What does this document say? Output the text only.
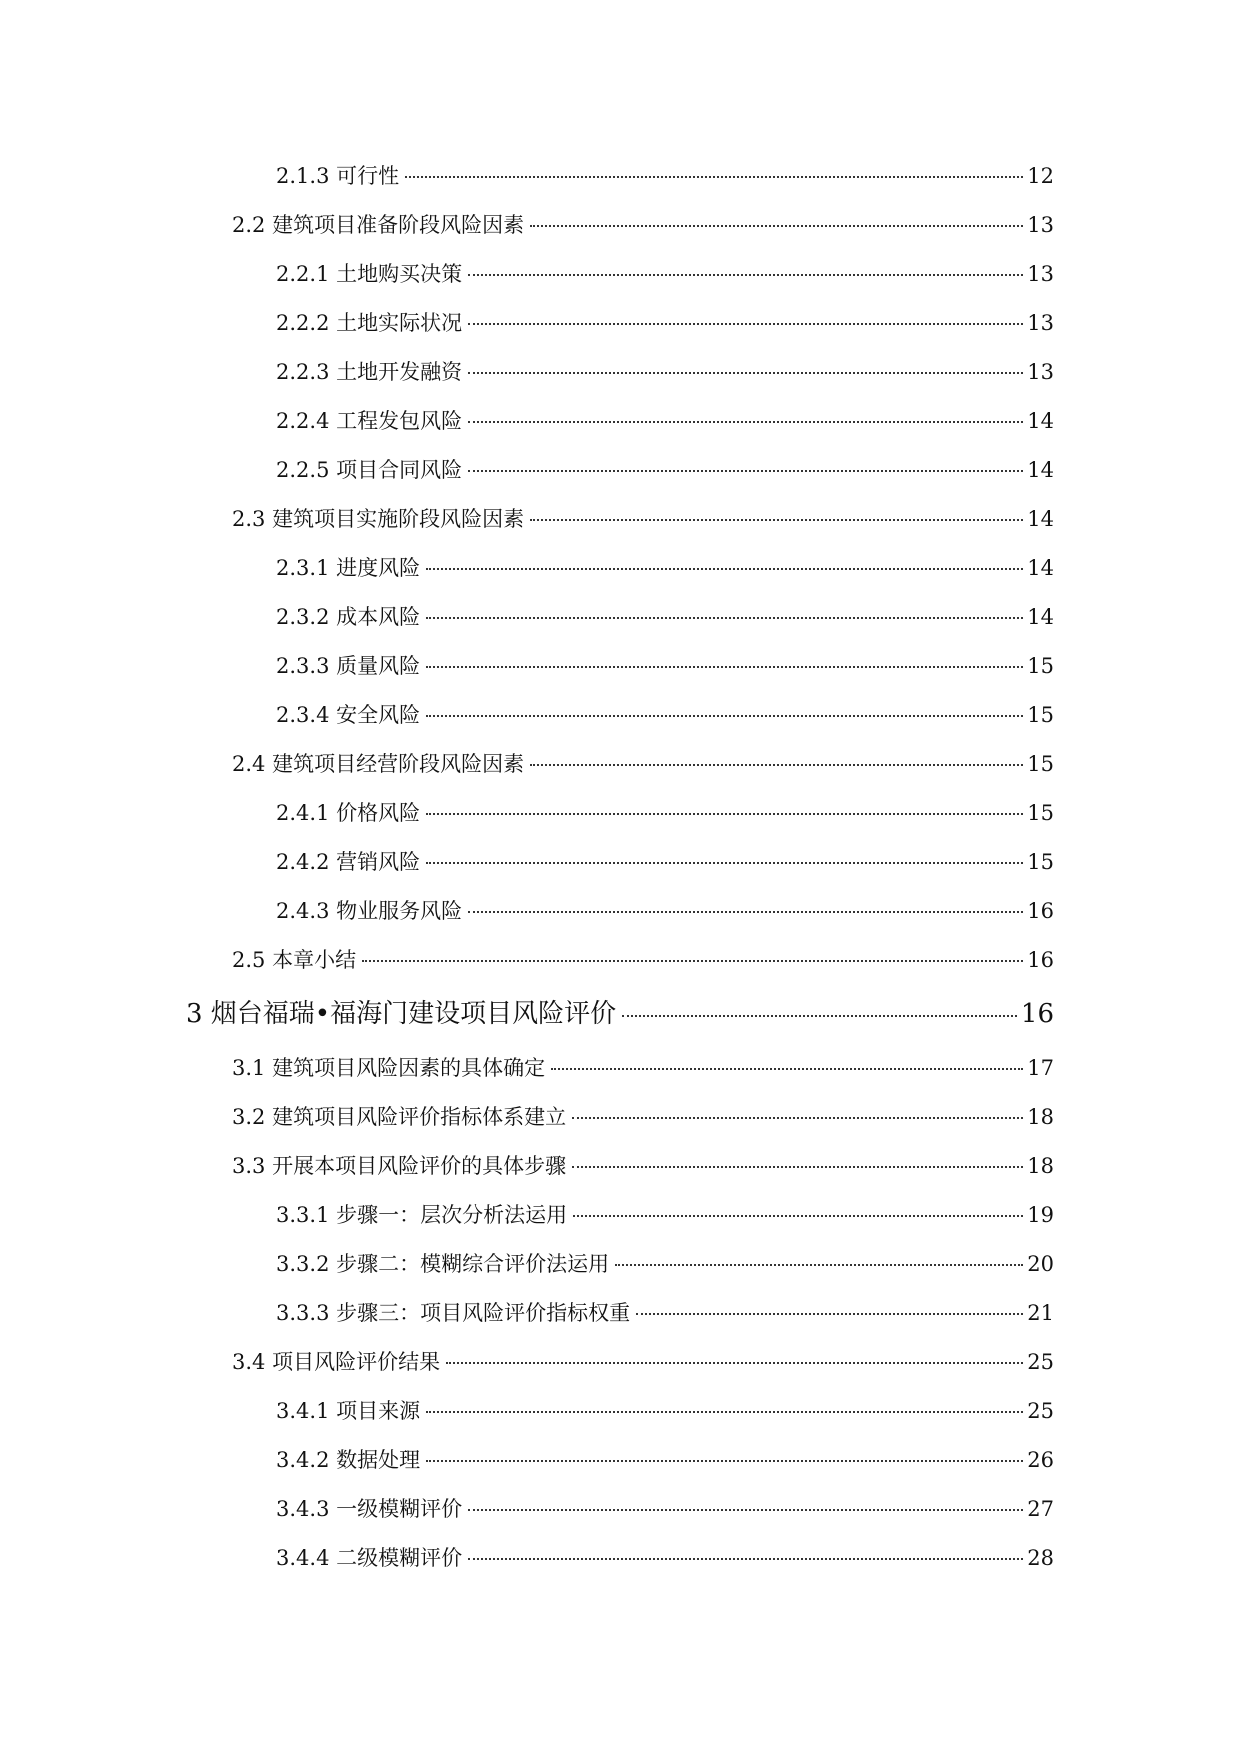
2.1.3 可行性	12
2.2 建筑项目准备阶段风险因素	13
2.2.1 土地购买决策	13
2.2.2 土地实际状况	13
2.2.3 土地开发融资	13
2.2.4 工程发包风险	14
2.2.5 项目合同风险	14
2.3 建筑项目实施阶段风险因素	14
2.3.1 进度风险	14
2.3.2 成本风险	14
2.3.3 质量风险	15
2.3.4 安全风险	15
2.4 建筑项目经营阶段风险因素	15
2.4.1 价格风险	15
2.4.2 营销风险	15
2.4.3 物业服务风险	16
2.5 本章小结	16
3 烟台福瑞•福海门建设项目风险评价	16
3.1 建筑项目风险因素的具体确定	17
3.2 建筑项目风险评价指标体系建立	18
3.3 开展本项目风险评价的具体步骤	18
3.3.1 步骤一：层次分析法运用	19
3.3.2 步骤二：模糊综合评价法运用	20
3.3.3 步骤三：项目风险评价指标权重	21
3.4 项目风险评价结果	25
3.4.1 项目来源	25
3.4.2 数据处理	26
3.4.3 一级模糊评价	27
3.4.4 二级模糊评价	28
